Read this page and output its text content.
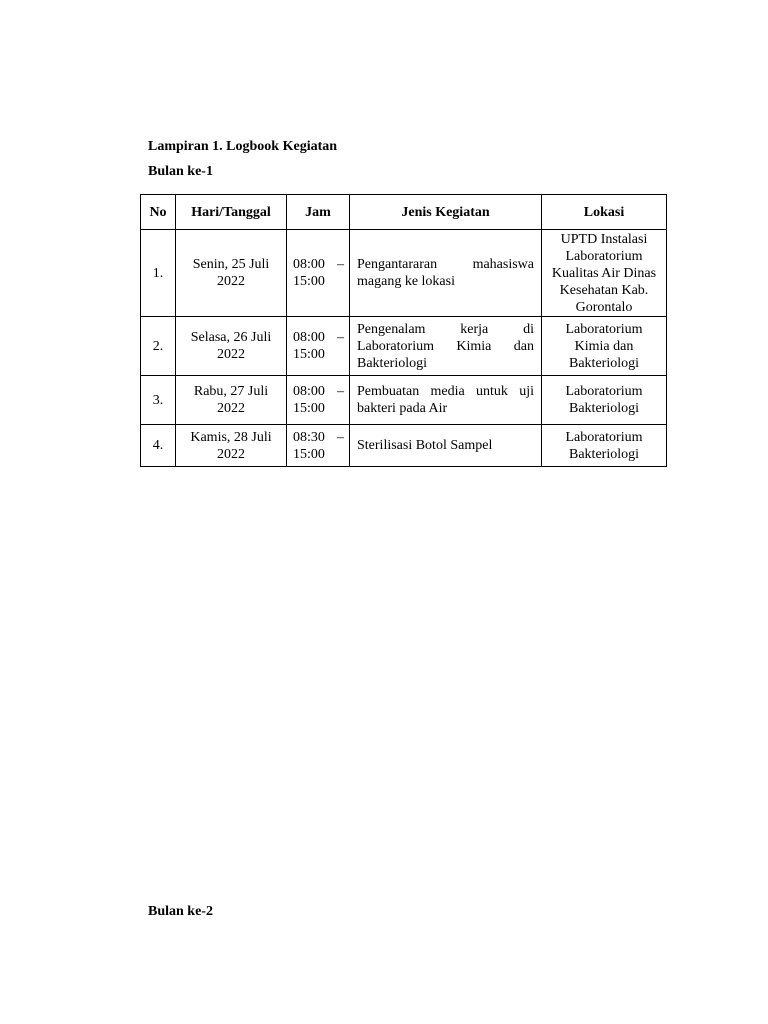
Lampiran 1. Logbook Kegiatan
Bulan ke-1
No	Hari/Tanggal	Jam	Jenis Kegiatan	Lokasi
1.	Senin, 25 Juli 2022	08:00 – 15:00	Pengantararan mahasiswa magang ke lokasi	UPTD Instalasi Laboratorium Kualitas Air Dinas Kesehatan Kab. Gorontalo
2.	Selasa, 26 Juli 2022	08:00 – 15:00	Pengenalam kerja di Laboratorium Kimia dan Bakteriologi	Laboratorium Kimia dan Bakteriologi
3.	Rabu, 27 Juli 2022	08:00 – 15:00	Pembuatan media untuk uji bakteri pada Air	Laboratorium Bakteriologi
4.	Kamis, 28 Juli 2022	08:30 – 15:00	Sterilisasi Botol Sampel	Laboratorium Bakteriologi
Bulan ke-2
